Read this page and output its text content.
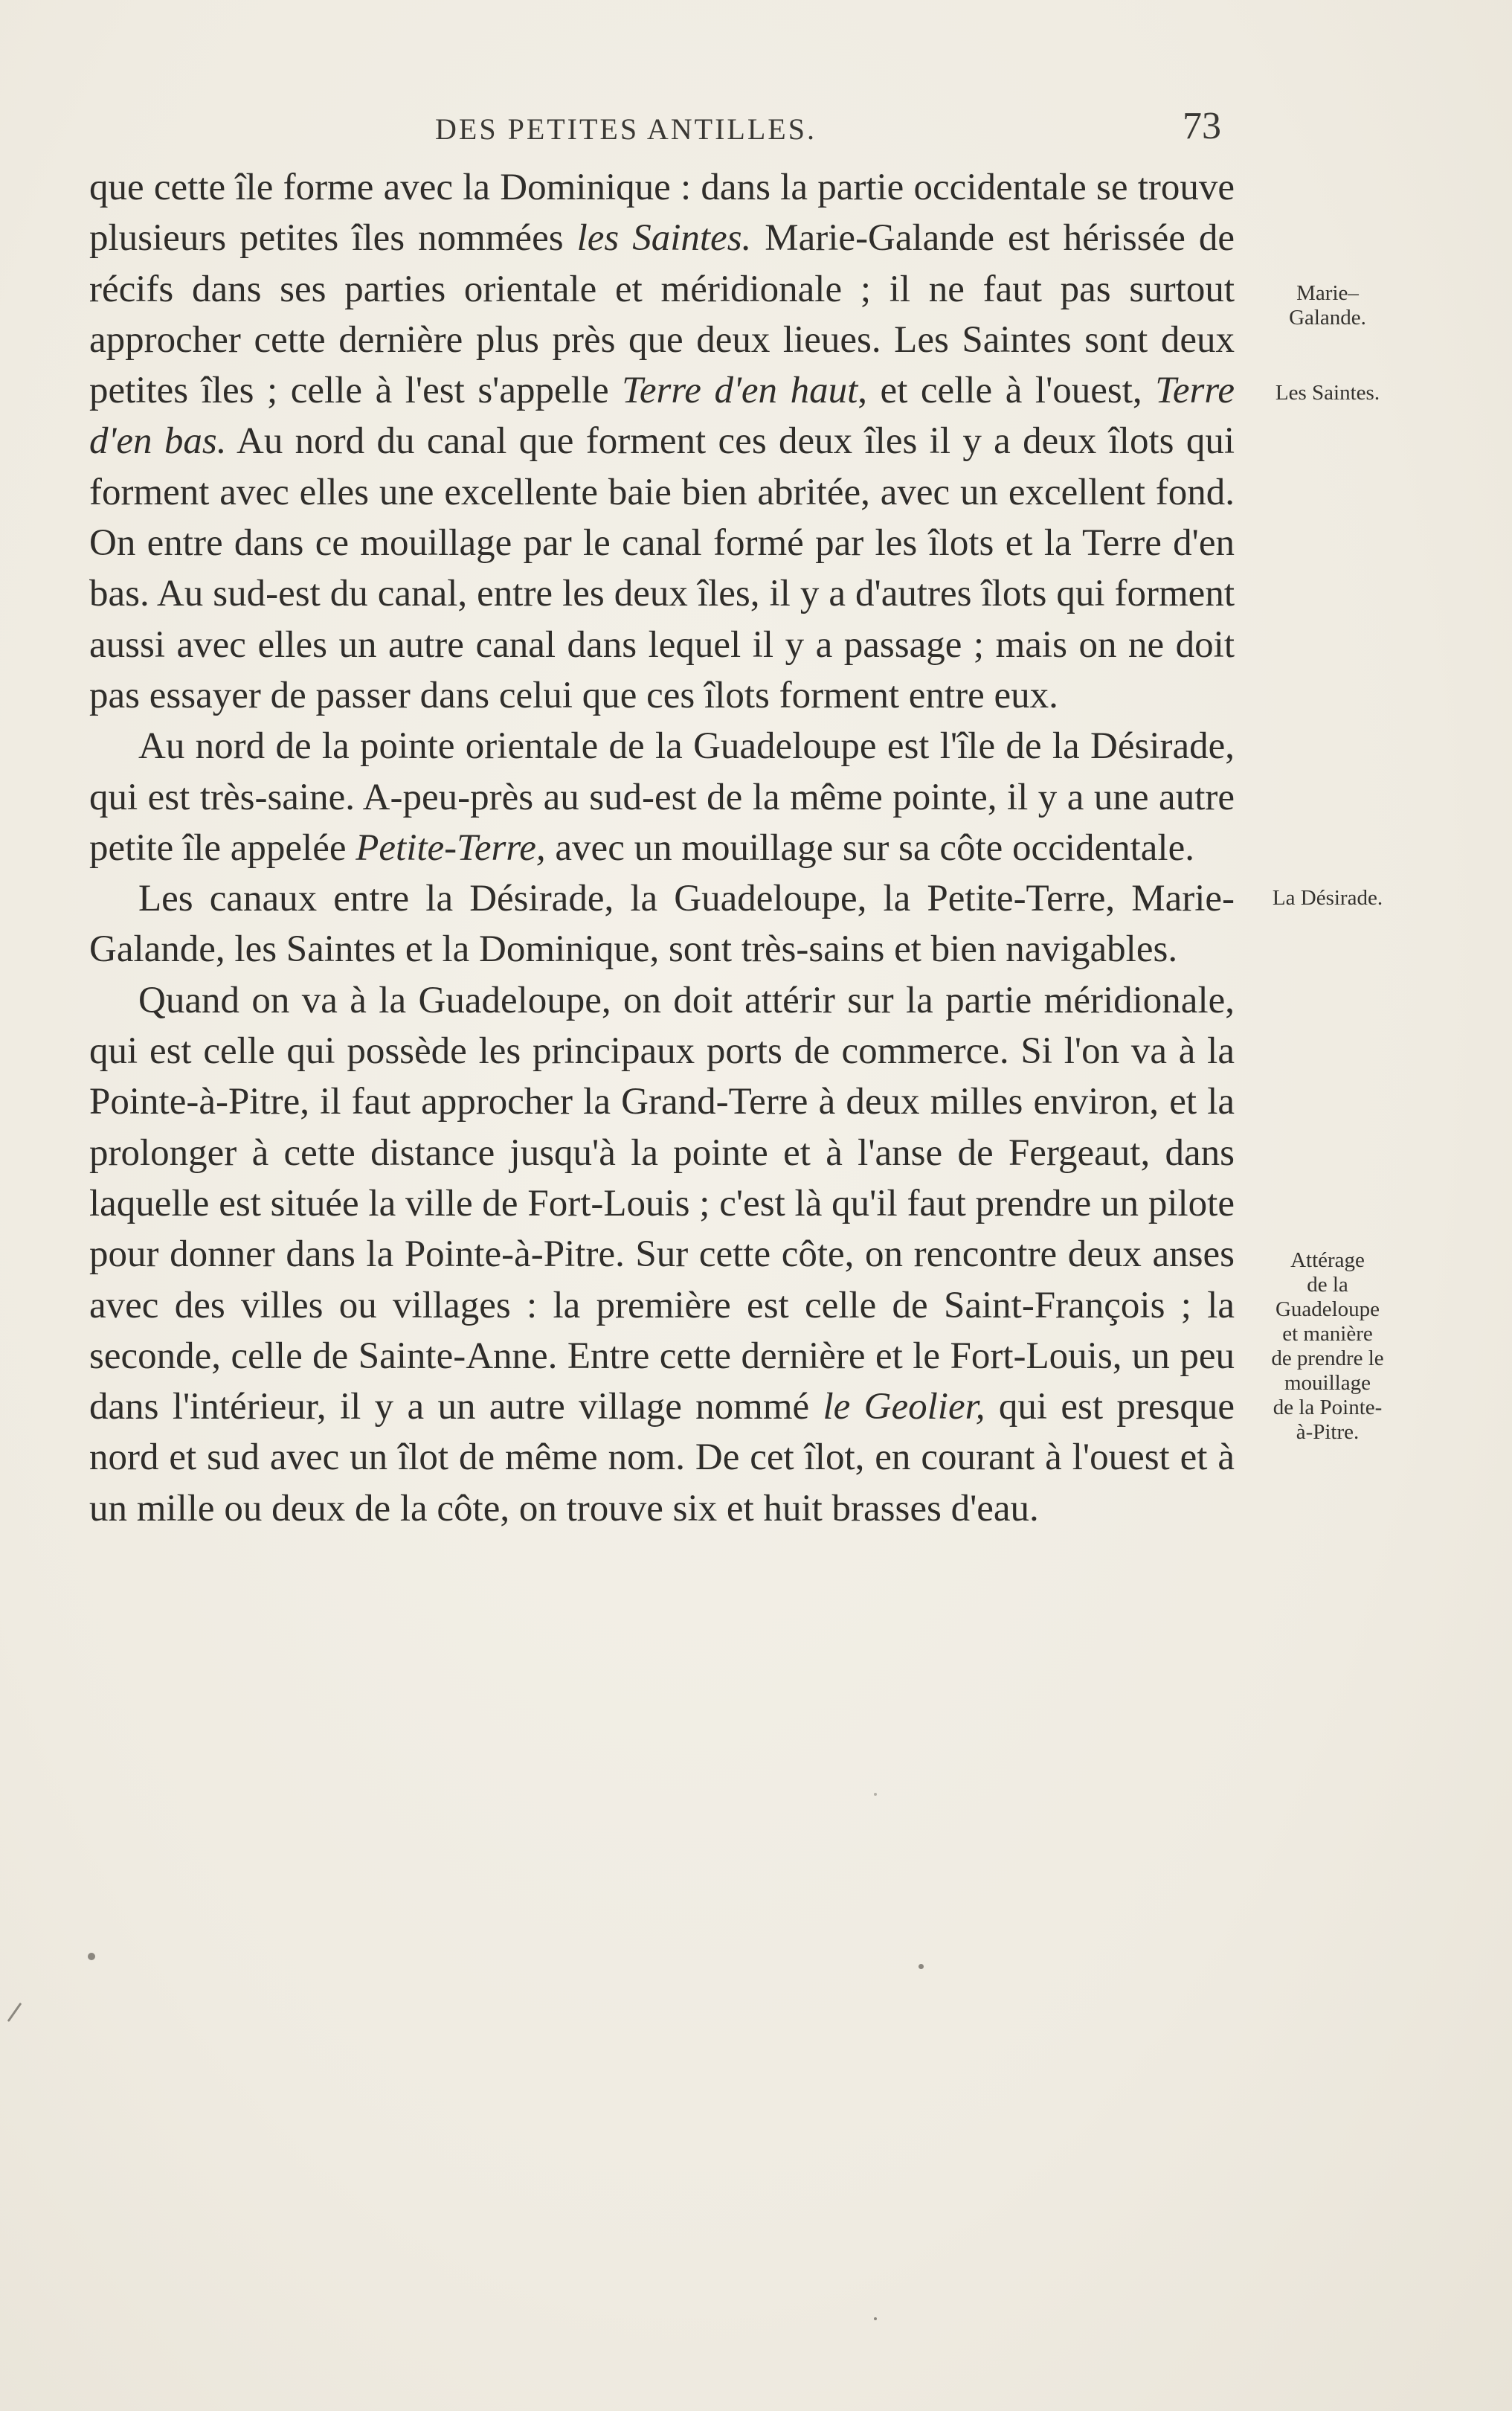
DES PETITES ANTILLES.	73

que cette île forme avec la Dominique : dans la partie occidentale se trouve plusieurs petites îles nommées les Saintes. Marie-Galande est hérissée de récifs dans ses parties orientale et méridionale ; il ne faut pas surtout approcher cette dernière plus près que deux lieues. Les Saintes sont deux petites îles ; celle à l'est s'appelle Terre d'en haut, et celle à l'ouest, Terre d'en bas. Au nord du canal que forment ces deux îles il y a deux îlots qui forment avec elles une excellente baie bien abritée, avec un excellent fond. On entre dans ce mouillage par le canal formé par les îlots et la Terre d'en bas. Au sud-est du canal, entre les deux îles, il y a d'autres îlots qui forment aussi avec elles un autre canal dans lequel il y a passage ; mais on ne doit pas essayer de passer dans celui que ces îlots forment entre eux.

Au nord de la pointe orientale de la Guadeloupe est l'île de la Désirade, qui est très-saine. A-peu-près au sud-est de la même pointe, il y a une autre petite île appelée Petite-Terre, avec un mouillage sur sa côte occidentale.

Les canaux entre la Désirade, la Guadeloupe, la Petite-Terre, Marie-Galande, les Saintes et la Dominique, sont très-sains et bien navigables.

Quand on va à la Guadeloupe, on doit attérir sur la partie méridionale, qui est celle qui possède les principaux ports de commerce. Si l'on va à la Pointe-à-Pitre, il faut approcher la Grand-Terre à deux milles environ, et la prolonger à cette distance jusqu'à la pointe et à l'anse de Fergeaut, dans laquelle est située la ville de Fort-Louis ; c'est là qu'il faut prendre un pilote pour donner dans la Pointe-à-Pitre. Sur cette côte, on rencontre deux anses avec des villes ou villages : la première est celle de Saint-François ; la seconde, celle de Sainte-Anne. Entre cette dernière et le Fort-Louis, un peu dans l'intérieur, il y a un autre village nommé le Geolier, qui est presque nord et sud avec un îlot de même nom. De cet îlot, en courant à l'ouest et à un mille ou deux de la côte, on trouve six et huit brasses d'eau.

Marie–
Galande.
Les Saintes.
La Désirade.
Attérage
de la
Guadeloupe
et manière
de prendre le
mouillage
de la Pointe-
à-Pitre.
